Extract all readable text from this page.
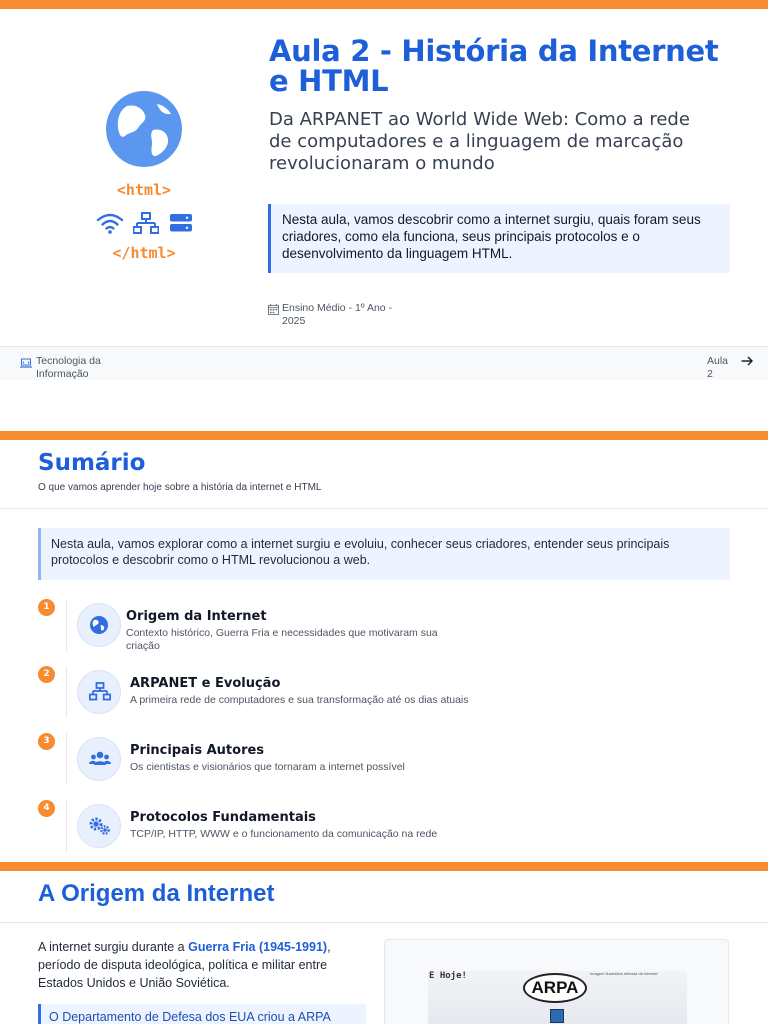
<html>
</html>
Aula 2 - História da Internet e HTML

Da ARPANET ao World Wide Web: Como a rede de computadores e a linguagem de marcação revolucionaram o mundo

Nesta aula, vamos descobrir como a internet surgiu, quais foram seus criadores, como ela funciona, seus principais protocolos e o desenvolvimento da linguagem HTML.
Ensino Médio - 1º Ano - 2025
Tecnologia da Informação
Aula 2
Sumário

O que vamos aprender hoje sobre a história da internet e HTML

Nesta aula, vamos explorar como a internet surgiu e evoluiu, conhecer seus criadores, entender seus principais protocolos e descobrir como o HTML revolucionou a web.
1
Origem da Internet
Contexto histórico, Guerra Fria e necessidades que motivaram sua criação
2
ARPANET e Evolução
A primeira rede de computadores e sua transformação até os dias atuais
3
Principais Autores
Os cientistas e visionários que tornaram a internet possível
4
Protocolos Fundamentais
TCP/IP, HTTP, WWW e o funcionamento da comunicação na rede
A Origem da Internet

A internet surgiu durante a Guerra Fria (1945-1991), período de disputa ideológica, política e militar entre Estados Unidos e União Soviética.

O Departamento de Defesa dos EUA criou a ARPA
É Hoje!	Imagem Ilustrativa retirada da Internet
ARPA
